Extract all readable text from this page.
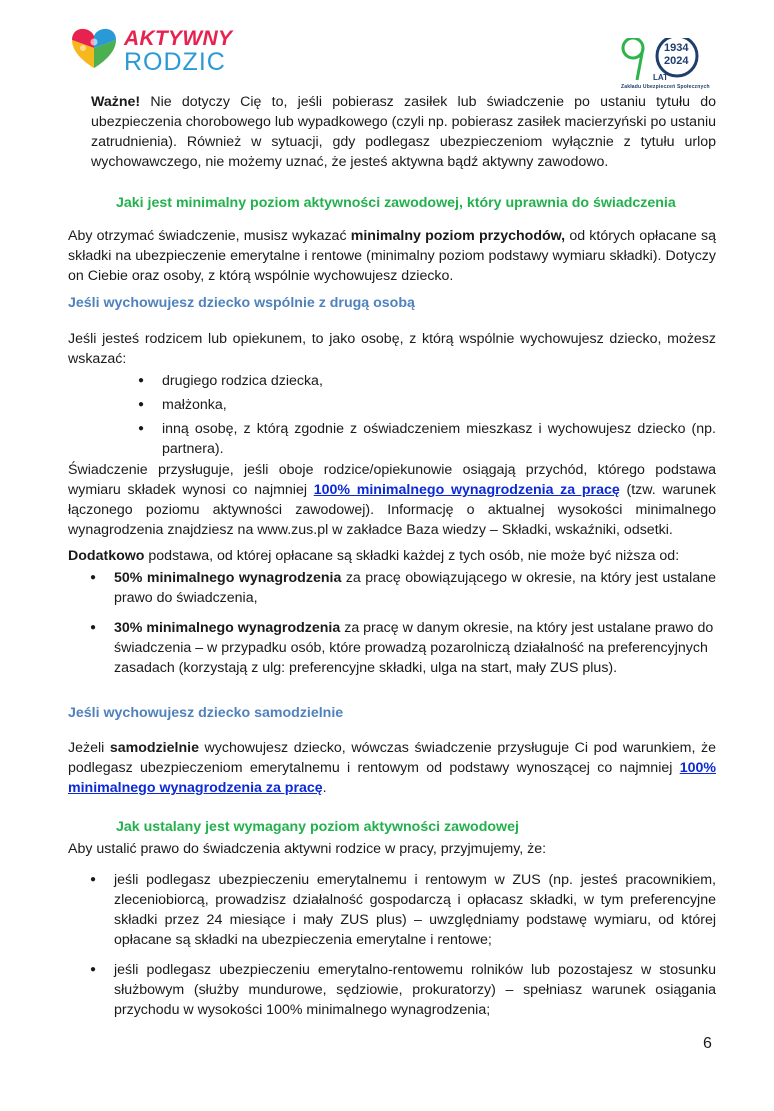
AKTYWNY
RODZIC	1934
2024
LAT
Zakładu Ubezpieczeń Społecznych

Ważne! Nie dotyczy Cię to, jeśli pobierasz zasiłek lub świadczenie po ustaniu tytułu do ubezpieczenia chorobowego lub wypadkowego (czyli np. pobierasz zasiłek macierzyński po ustaniu zatrudnienia). Również w sytuacji, gdy podlegasz ubezpieczeniom wyłącznie z tytułu urlop wychowawczego, nie możemy uznać, że jesteś aktywna bądź aktywny zawodowo.

Jaki jest minimalny poziom aktywności zawodowej, który uprawnia do świadczenia

Aby otrzymać świadczenie, musisz wykazać minimalny poziom przychodów, od których opłacane są składki na ubezpieczenie emerytalne i rentowe (minimalny poziom podstawy wymiaru składki). Dotyczy on Ciebie oraz osoby, z którą wspólnie wychowujesz dziecko.

Jeśli wychowujesz dziecko wspólnie z drugą osobą

Jeśli jesteś rodzicem lub opiekunem, to jako osobę, z którą wspólnie wychowujesz dziecko, możesz wskazać:

● drugiego rodzica dziecka,
● małżonka,
● inną osobę, z którą zgodnie z oświadczeniem mieszkasz i wychowujesz dziecko (np. partnera).

Świadczenie przysługuje, jeśli oboje rodzice/opiekunowie osiągają przychód, którego podstawa wymiaru składek wynosi co najmniej 100% minimalnego wynagrodzenia za pracę (tzw. warunek łączonego poziomu aktywności zawodowej). Informację o aktualnej wysokości minimalnego wynagrodzenia znajdziesz na www.zus.pl w zakładce Baza wiedzy – Składki, wskaźniki, odsetki.

Dodatkowo podstawa, od której opłacane są składki każdej z tych osób, nie może być niższa od:

● 50% minimalnego wynagrodzenia za pracę obowiązującego w okresie, na który jest ustalane prawo do świadczenia,
● 30% minimalnego wynagrodzenia za pracę w danym okresie, na który jest ustalane prawo do świadczenia – w przypadku osób, które prowadzą pozarolniczą działalność na preferencyjnych zasadach (korzystają z ulg: preferencyjne składki, ulga na start, mały ZUS plus).
Jeśli wychowujesz dziecko samodzielnie

Jeżeli samodzielnie wychowujesz dziecko, wówczas świadczenie przysługuje Ci pod warunkiem, że podlegasz ubezpieczeniom emerytalnemu i rentowym od podstawy wynoszącej co najmniej 100% minimalnego wynagrodzenia za pracę.

Jak ustalany jest wymagany poziom aktywności zawodowej

Aby ustalić prawo do świadczenia aktywni rodzice w pracy, przyjmujemy, że:

● jeśli podlegasz ubezpieczeniu emerytalnemu i rentowym w ZUS (np. jesteś pracownikiem, zleceniobiorcą, prowadzisz działalność gospodarczą i opłacasz składki, w tym preferencyjne składki przez 24 miesiące i mały ZUS plus) – uwzględniamy podstawę wymiaru, od której opłacane są składki na ubezpieczenia emerytalne i rentowe;
● jeśli podlegasz ubezpieczeniu emerytalno-rentowemu rolników lub pozostajesz w stosunku służbowym (służby mundurowe, sędziowie, prokuratorzy) – spełniasz warunek osiągania przychodu w wysokości 100% minimalnego wynagrodzenia;
6
